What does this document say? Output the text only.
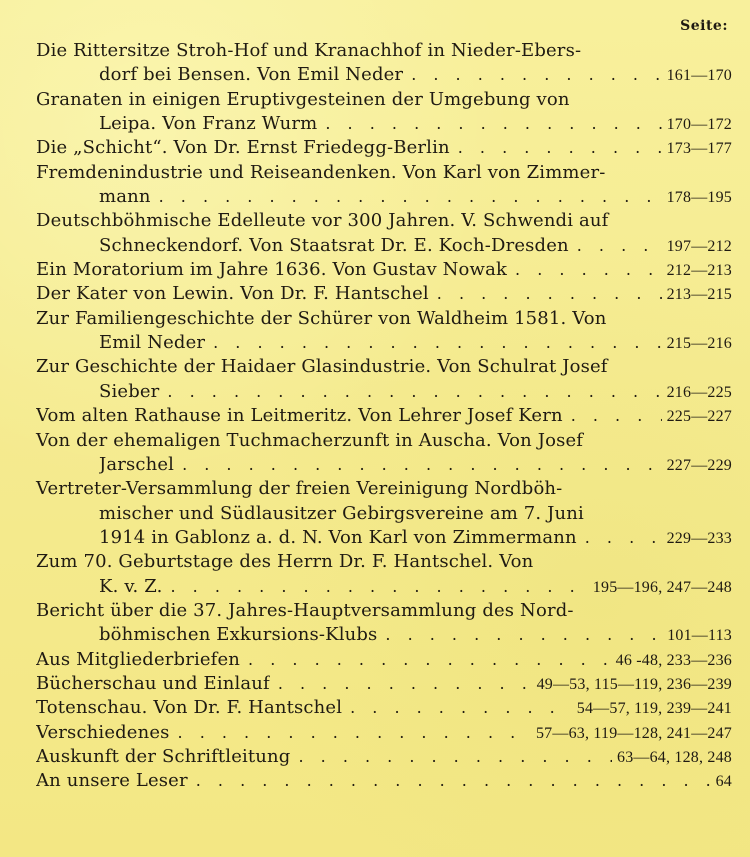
Seite:
Die Rittersitze Stroh-Hof und Kranachhof in Nieder-Ebers-
dorf bei Bensen. Von Emil Neder . . .	161—170
Granaten in einigen Eruptivgesteinen der Umgebung von
Leipa. Von Franz Wurm . . .	170—172
Die „Schicht“. Von Dr. Ernst Friedegg-Berlin . . .	173—177
Fremdenindustrie und Reiseandenken. Von Karl von Zimmer-
mann . . .	178—195
Deutschböhmische Edelleute vor 300 Jahren. V. Schwendi auf
Schneckendorf. Von Staatsrat Dr. E. Koch-Dresden . . .	197—212
Ein Moratorium im Jahre 1636. Von Gustav Nowak . . .	212—213
Der Kater von Lewin. Von Dr. F. Hantschel . . .	213—215
Zur Familiengeschichte der Schürer von Waldheim 1581. Von
Emil Neder . . .	215—216
Zur Geschichte der Haidaer Glasindustrie. Von Schulrat Josef
Sieber . . .	216—225
Vom alten Rathause in Leitmeritz. Von Lehrer Josef Kern . . .	225—227
Von der ehemaligen Tuchmacherzunft in Auscha. Von Josef
Jarschel . . .	227—229
Vertreter-Versammlung der freien Vereinigung Nordböh-
mischer und Südlausitzer Gebirgsvereine am 7. Juni
1914 in Gablonz a. d. N. Von Karl von Zimmermann . . .	229—233
Zum 70. Geburtstage des Herrn Dr. F. Hantschel. Von
K. v. Z. . . .	195—196, 247—248
Bericht über die 37. Jahres-Hauptversammlung des Nord-
böhmischen Exkursions-Klubs . . .	101—113
Aus Mitgliederbriefen . . .	46 -48, 233—236
Bücherschau und Einlauf . . .	49—53, 115—119, 236—239
Totenschau. Von Dr. F. Hantschel . . .	54—57, 119, 239—241
Verschiedenes . . .	57—63, 119—128, 241—247
Auskunft der Schriftleitung . . .	63—64, 128, 248
An unsere Leser . . .	64
